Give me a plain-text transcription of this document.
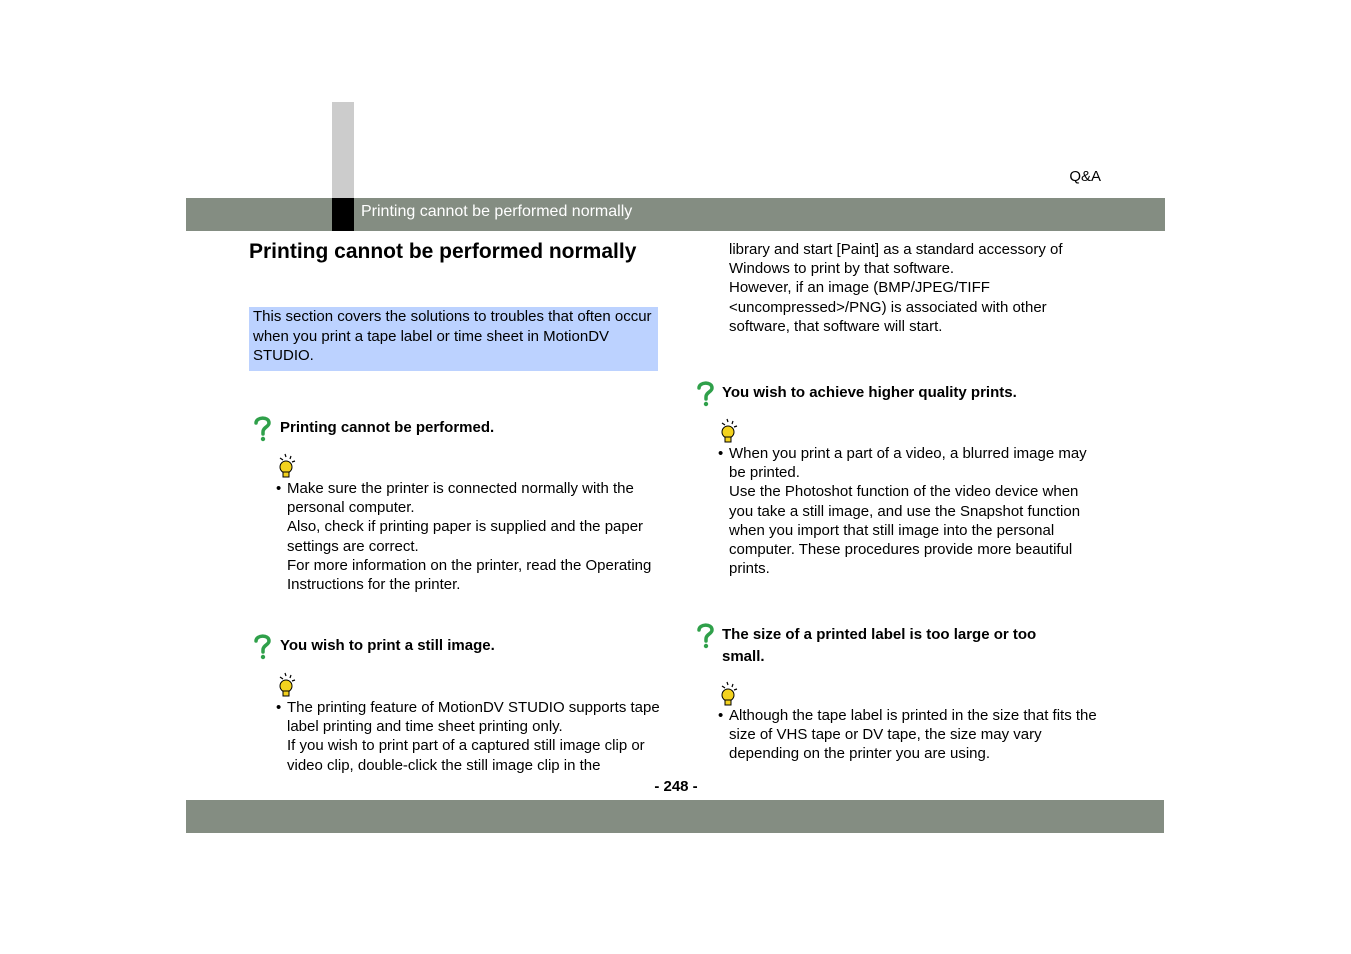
Q&A
Printing cannot be performed normally
Printing cannot be performed normally
This section covers the solutions to troubles that often occur when you print a tape label or time sheet in MotionDV STUDIO.
Printing cannot be performed.
• Make sure the printer is connected normally with the personal computer.

Also, check if printing paper is supplied and the paper settings are correct.

For more information on the printer, read the Operating Instructions for the printer.

You wish to print a still image.
• The printing feature of MotionDV STUDIO supports tape label printing and time sheet printing only.

If you wish to print part of a captured still image clip or video clip, double-click the still image clip in the

library and start [Paint] as a standard accessory of Windows to print by that software.

However, if an image (BMP/JPEG/TIFF <uncompressed>/PNG) is associated with other software, that software will start.

You wish to achieve higher quality prints.
• When you print a part of a video, a blurred image may be printed.

Use the Photoshot function of the video device when you take a still image, and use the Snapshot function when you import that still image into the personal computer. These procedures provide more beautiful prints.

The size of a printed label is too large or too small.
• Although the tape label is printed in the size that fits the size of VHS tape or DV tape, the size may vary depending on the printer you are using.

- 248 -
